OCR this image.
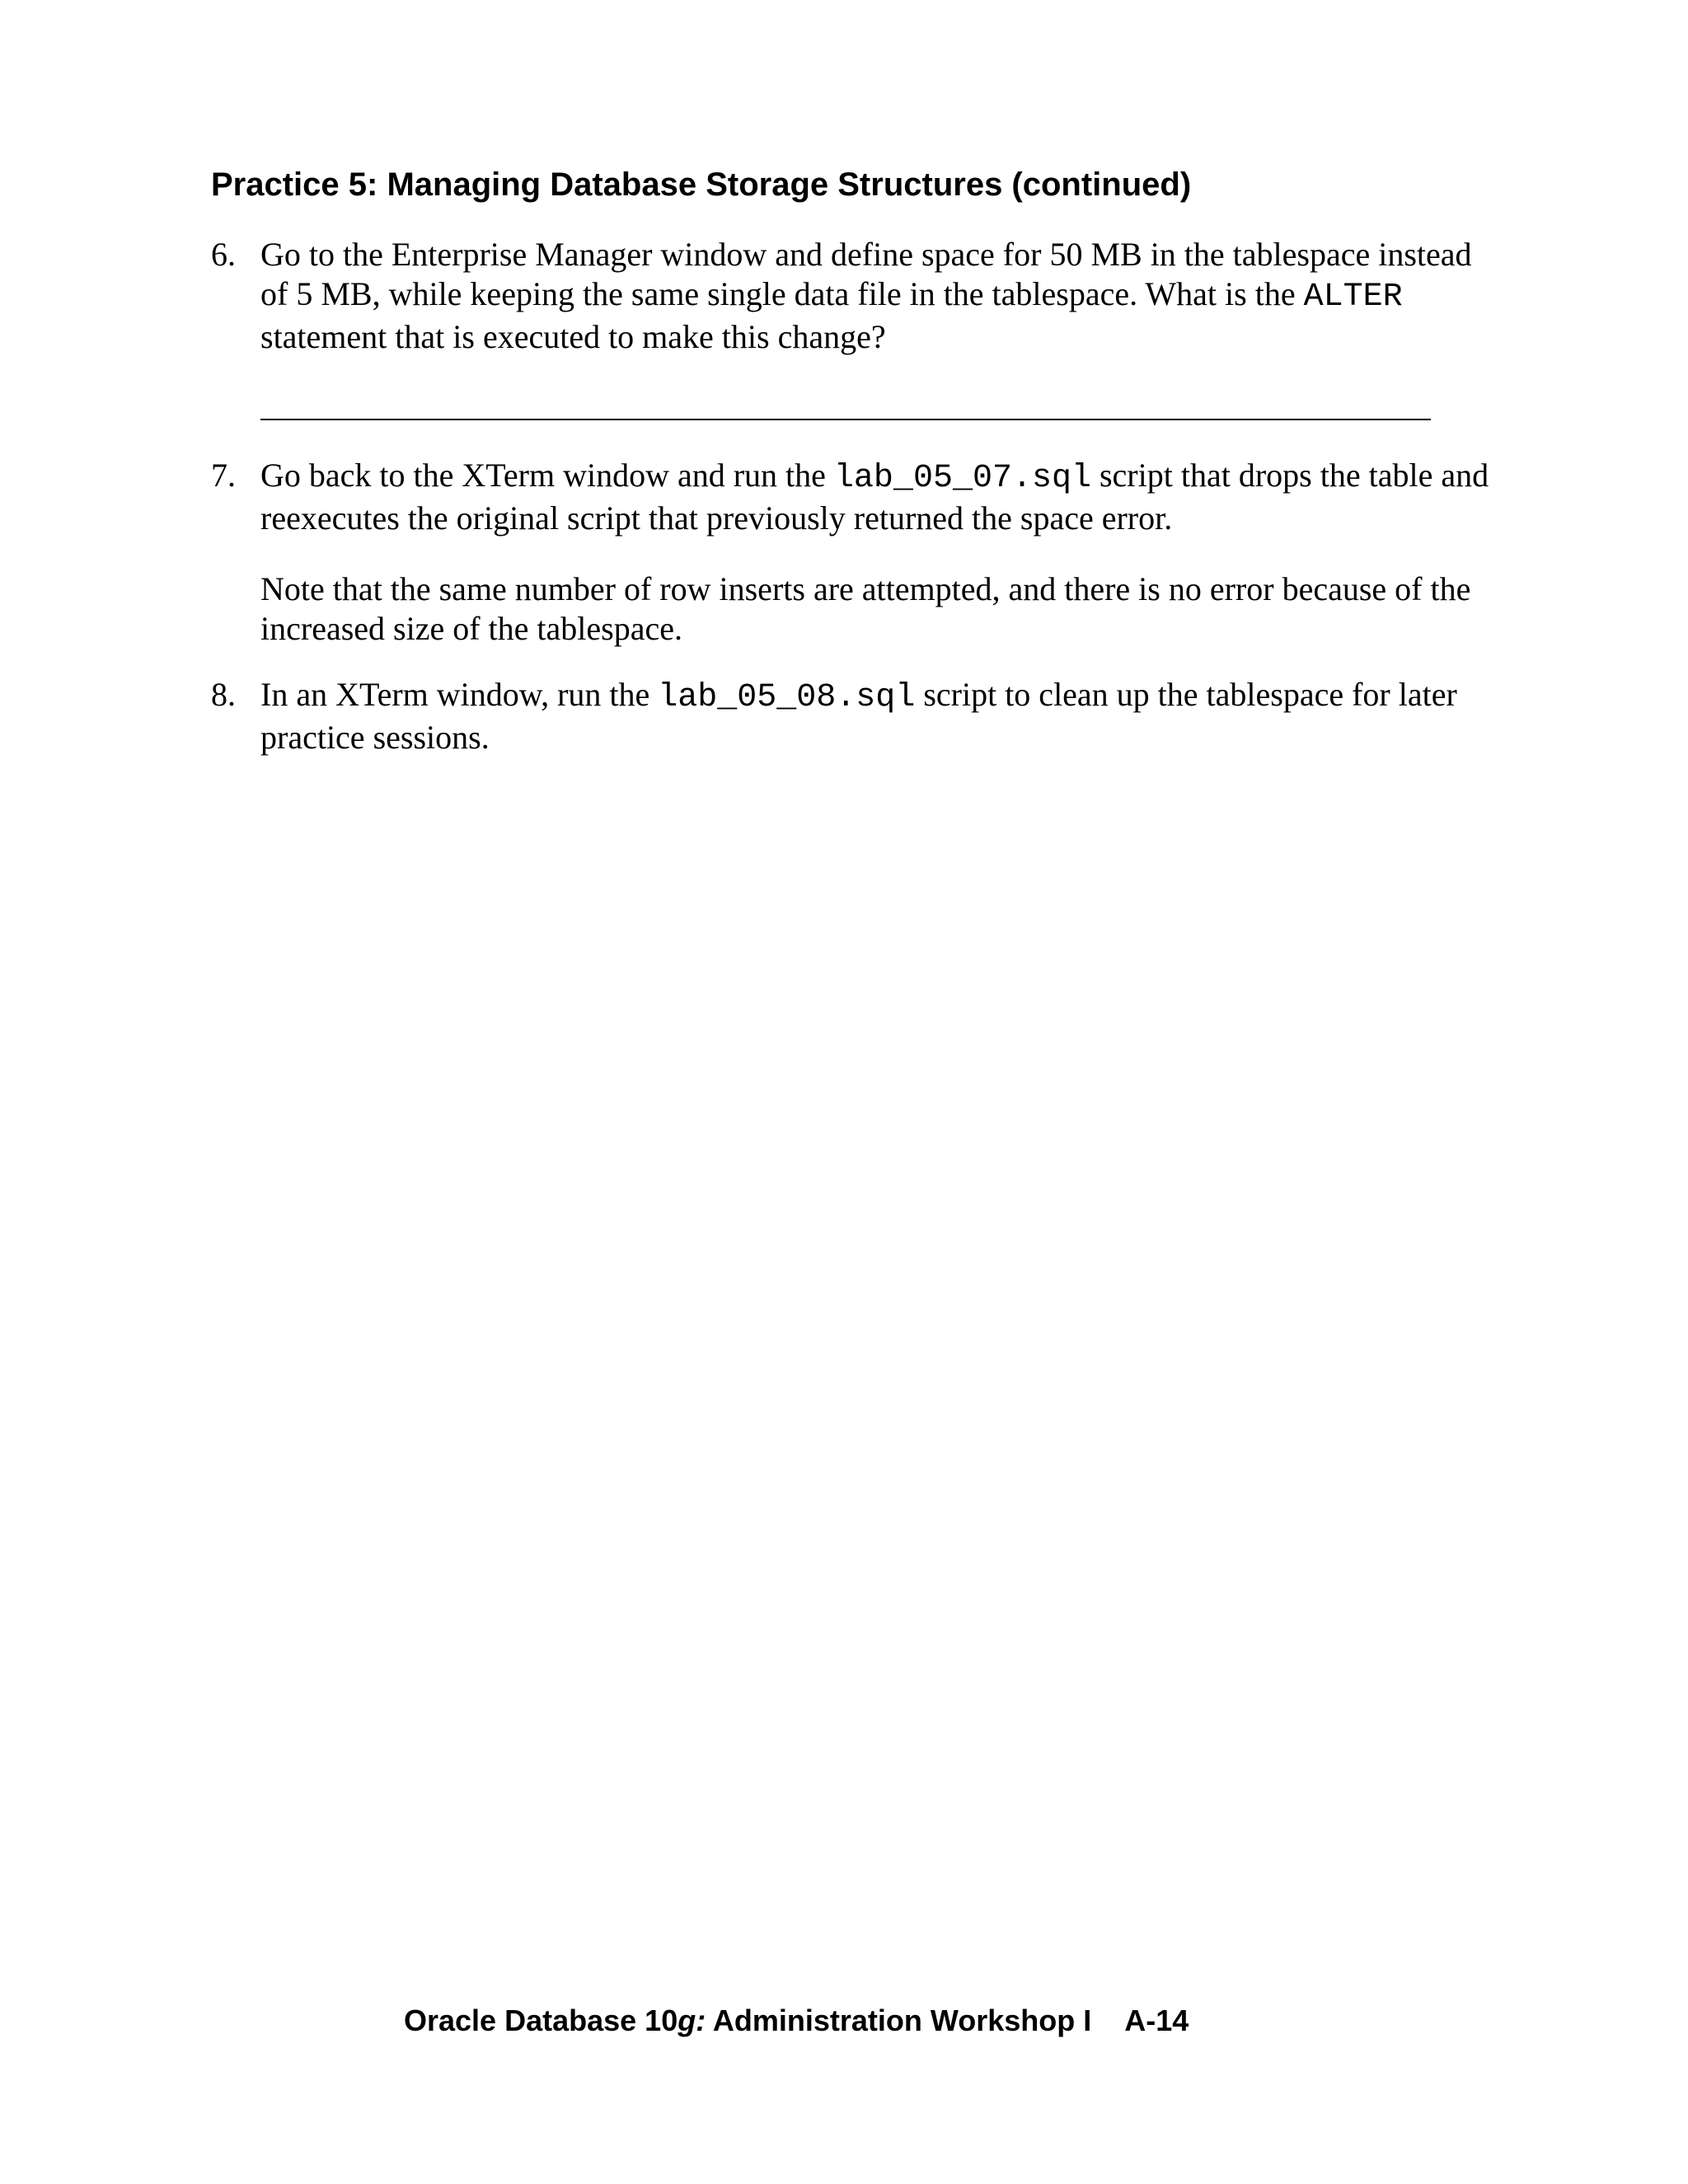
Practice 5: Managing Database Storage Structures (continued)
6. Go to the Enterprise Manager window and define space for 50 MB in the tablespace instead of 5 MB, while keeping the same single data file in the tablespace. What is the ALTER statement that is executed to make this change?

7. Go back to the XTerm window and run the lab_05_07.sql script that drops the table and reexecutes the original script that previously returned the space error.

Note that the same number of row inserts are attempted, and there is no error because of the increased size of the tablespace.

8. In an XTerm window, run the lab_05_08.sql script to clean up the tablespace for later practice sessions.

Oracle Database 10g: Administration Workshop I A-14
